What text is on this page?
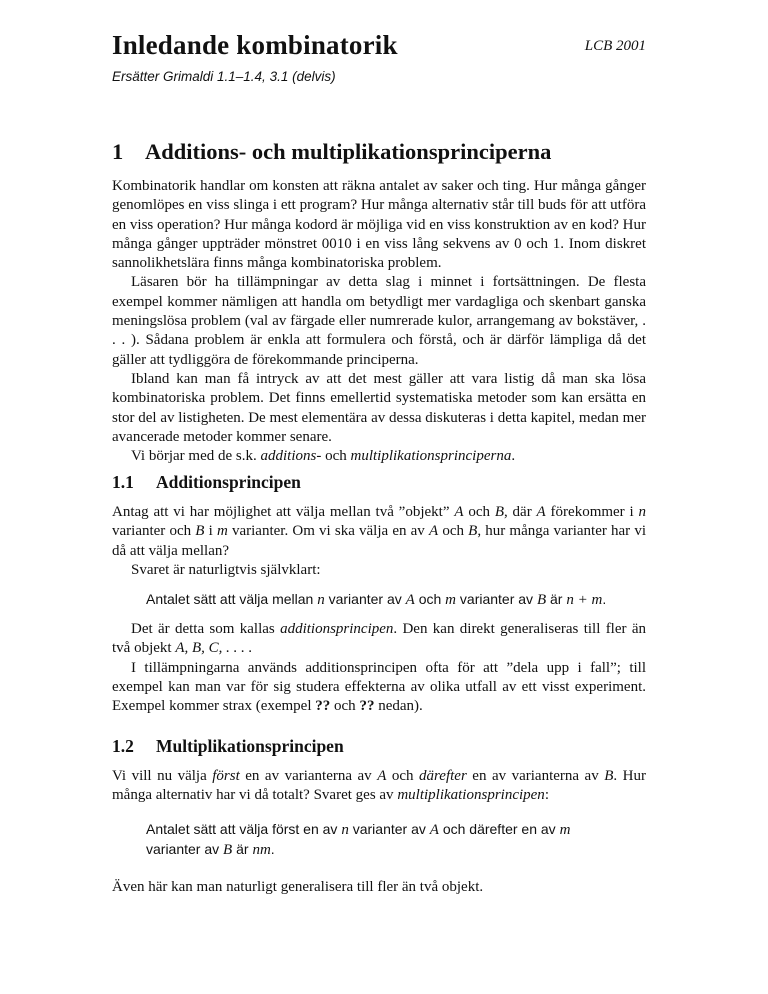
Inledande kombinatorik	LCB 2001
Ersätter Grimaldi 1.1–1.4, 3.1 (delvis)
1 Additions- och multiplikationsprinciperna

Kombinatorik handlar om konsten att räkna antalet av saker och ting. Hur många gånger genomlöpes en viss slinga i ett program? Hur många alternativ står till buds för att utföra en viss operation? Hur många kodord är möjliga vid en viss konstruktion av en kod? Hur många gånger uppträder mönstret 0010 i en viss lång sekvens av 0 och 1. Inom diskret sannolikhetslära finns många kombinatoriska problem.

Läsaren bör ha tillämpningar av detta slag i minnet i fortsättningen. De flesta exempel kommer nämligen att handla om betydligt mer vardagliga och skenbart ganska meningslösa problem (val av färgade eller numrerade kulor, arrangemang av bokstäver, . . . ). Sådana problem är enkla att formulera och förstå, och är därför lämpliga då det gäller att tydliggöra de förekommande principerna.

Ibland kan man få intryck av att det mest gäller att vara listig då man ska lösa kombinatoriska problem. Det finns emellertid systematiska metoder som kan ersätta en stor del av listigheten. De mest elementära av dessa diskuteras i detta kapitel, medan mer avancerade metoder kommer senare.

Vi börjar med de s.k. additions- och multiplikationsprinciperna.

1.1 Additionsprincipen

Antag att vi har möjlighet att välja mellan två ”objekt” A och B, där A förekommer i n varianter och B i m varianter. Om vi ska välja en av A och B, hur många varianter har vi då att välja mellan?

Svaret är naturligtvis självklart:

Antalet sätt att välja mellan n varianter av A och m varianter av B är n + m.

Det är detta som kallas additionsprincipen. Den kan direkt generaliseras till fler än två objekt A, B, C, . . . .

I tillämpningarna används additionsprincipen ofta för att ”dela upp i fall”; till exempel kan man var för sig studera effekterna av olika utfall av ett visst experiment. Exempel kommer strax (exempel ?? och ?? nedan).

1.2 Multiplikationsprincipen

Vi vill nu välja först en av varianterna av A och därefter en av varianterna av B. Hur många alternativ har vi då totalt? Svaret ges av multiplikationsprincipen:

Antalet sätt att välja först en av n varianter av A och därefter en av m varianter av B är nm.

Även här kan man naturligt generalisera till fler än två objekt.
